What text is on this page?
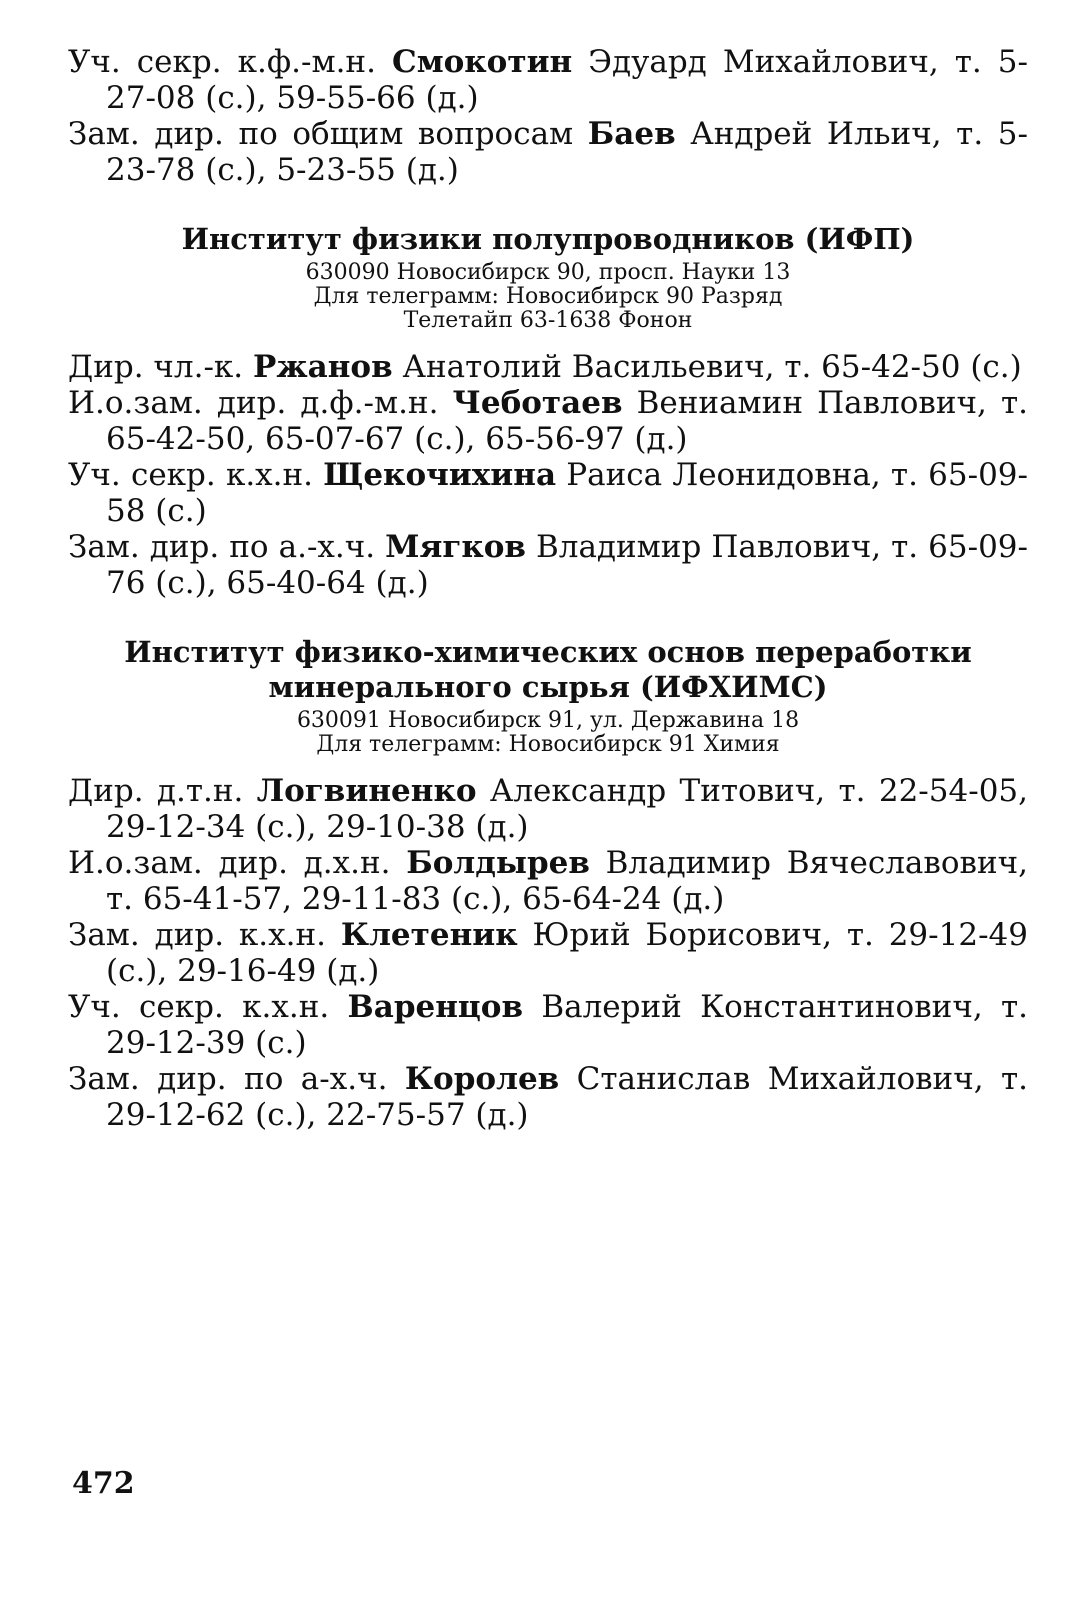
Уч. секр. к.ф.-м.н. Смокотин Эдуард Михайлович, т. 5-27-08 (с.), 59-55-66 (д.)

Зам. дир. по общим вопросам Баев Андрей Ильич, т. 5-23-78 (с.), 5-23-55 (д.)

Институт физики полупроводников (ИФП)
630090 Новосибирск 90, просп. Науки 13
Для телеграмм: Новосибирск 90 Разряд
Телетайп 63-1638 Фонон

Дир. чл.-к. Ржанов Анатолий Васильевич, т. 65-42-50 (с.)

И.о.зам. дир. д.ф.-м.н. Чеботаев Вениамин Павлович, т. 65-42-50, 65-07-67 (с.), 65-56-97 (д.)

Уч. секр. к.х.н. Щекочихина Раиса Леонидовна, т. 65-09-58 (с.)

Зам. дир. по а.-х.ч. Мягков Владимир Павлович, т. 65-09-76 (с.), 65-40-64 (д.)

Институт физико-химических основ переработки минерального сырья (ИФХИМС)
630091 Новосибирск 91, ул. Державина 18
Для телеграмм: Новосибирск 91 Химия

Дир. д.т.н. Логвиненко Александр Титович, т. 22-54-05, 29-12-34 (с.), 29-10-38 (д.)

И.о.зам. дир. д.х.н. Болдырев Владимир Вячеславович, т. 65-41-57, 29-11-83 (с.), 65-64-24 (д.)

Зам. дир. к.х.н. Клетеник Юрий Борисович, т. 29-12-49 (с.), 29-16-49 (д.)

Уч. секр. к.х.н. Варенцов Валерий Константинович, т. 29-12-39 (с.)

Зам. дир. по а-х.ч. Королев Станислав Михайлович, т. 29-12-62 (с.), 22-75-57 (д.)

472
